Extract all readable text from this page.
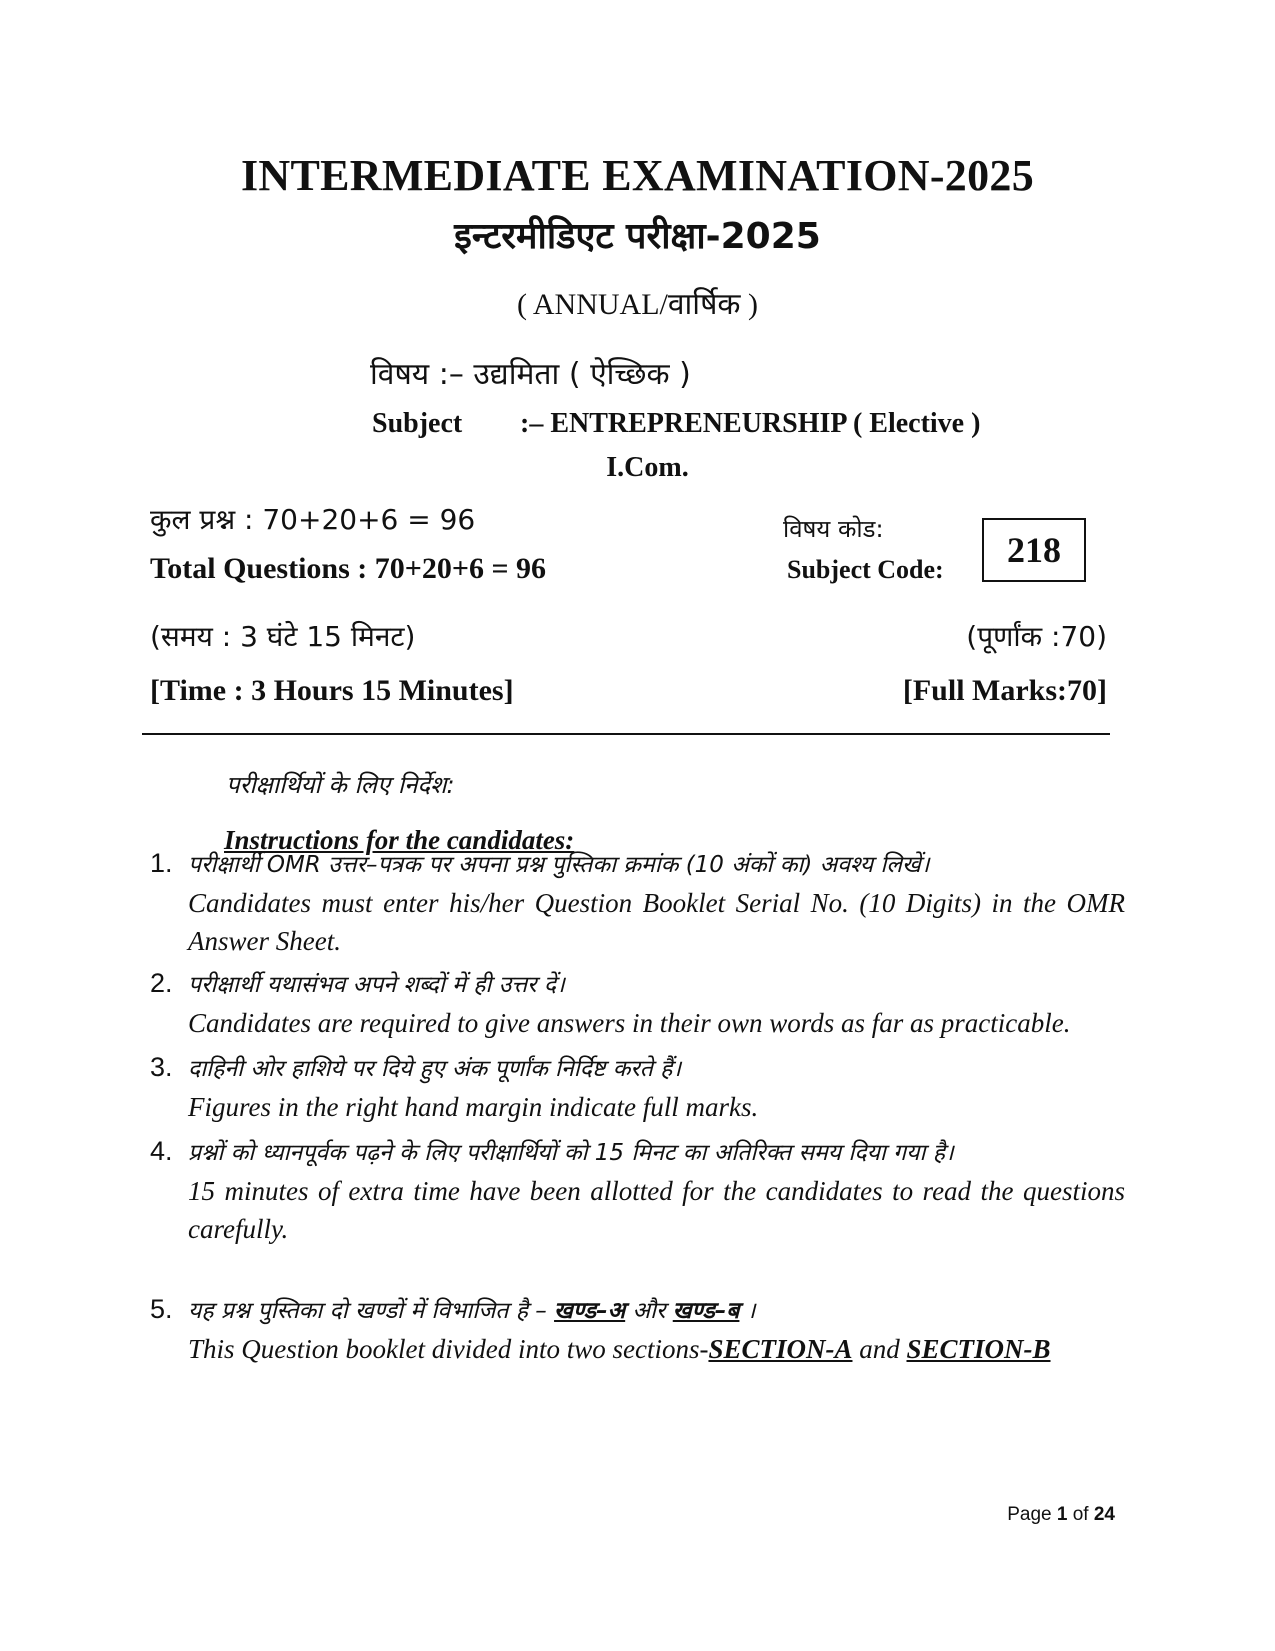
INTERMEDIATE EXAMINATION-2025
इन्टरमीडिएट परीक्षा-2025
( ANNUAL/वार्षिक )
विषय :– उद्यमिता ( ऐच्छिक )
Subject :– ENTREPRENEURSHIP ( Elective )
I.Com.
कुल प्रश्न : 70+20+6 = 96
Total Questions : 70+20+6 = 96
विषय कोड:
Subject Code: 218
(समय : 3 घंटे 15 मिनट)	(पूर्णांक :70)
[Time : 3 Hours 15 Minutes]	[Full Marks:70]
परीक्षार्थियों के लिए निर्देश:
Instructions for the candidates:
1. परीक्षार्थी OMR उत्तर–पत्रक पर अपना प्रश्न पुस्तिका क्रमांक (10 अंकों का) अवश्य लिखें।
Candidates must enter his/her Question Booklet Serial No. (10 Digits) in the OMR Answer Sheet.
2. परीक्षार्थी यथासंभव अपने शब्दों में ही उत्तर दें।
Candidates are required to give answers in their own words as far as practicable.
3. दाहिनी ओर हाशिये पर दिये हुए अंक पूर्णांक निर्दिष्ट करते हैं।
Figures in the right hand margin indicate full marks.
4. प्रश्नों को ध्यानपूर्वक पढ़ने के लिए परीक्षार्थियों को 15 मिनट का अतिरिक्त समय दिया गया है।
15 minutes of extra time have been allotted for the candidates to read the questions carefully.
5. यह प्रश्न पुस्तिका दो खण्डों में विभाजित है – खण्ड–अ और खण्ड–ब ।
This Question booklet divided into two sections-SECTION-A and SECTION-B
Page 1 of 24
